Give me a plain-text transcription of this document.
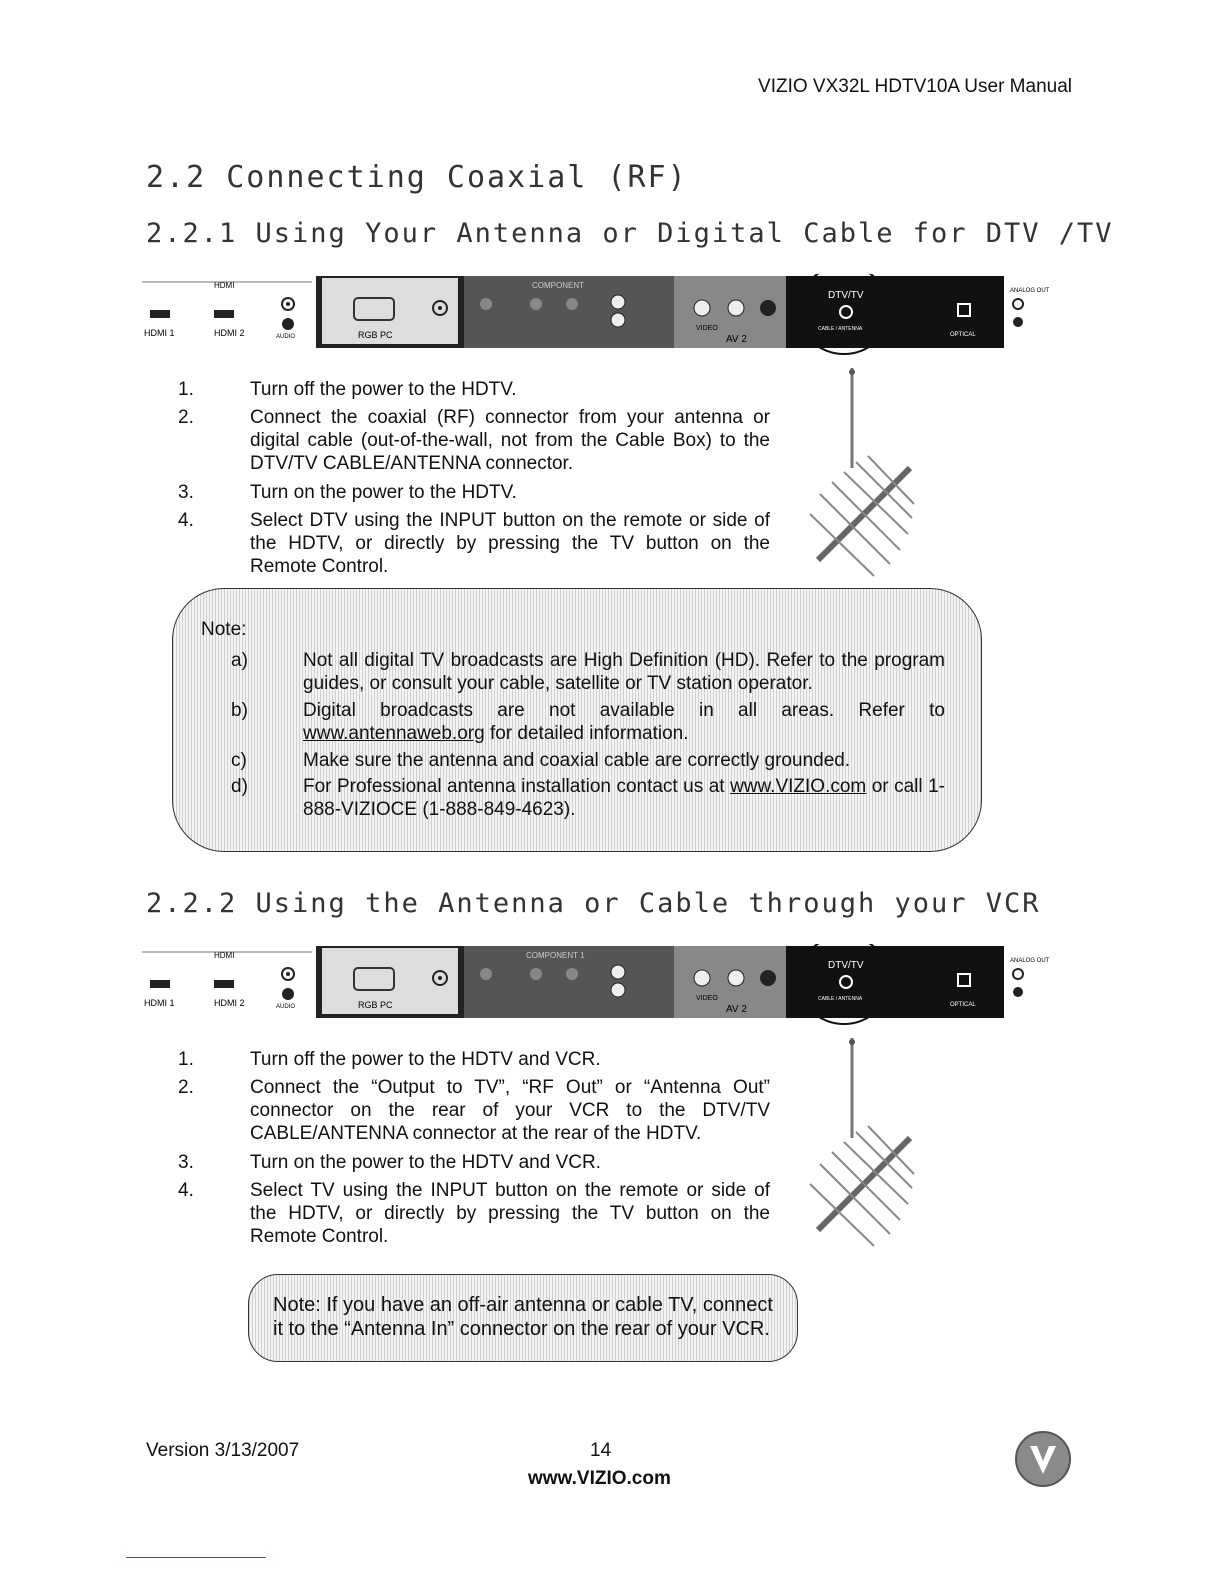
VIZIO VX32L HDTV10A User Manual
2.2 Connecting Coaxial (RF)
2.2.1 Using Your Antenna or Digital Cable for DTV /TV
HDMI
HDMI 1	HDMI 2	AUDIO	RGB PC
COMPONENT
VIDEO
AV 2
DTV/TV
CABLE / ANTENNA
OPTICAL
ANALOG OUT
1.	Turn off the power to the HDTV.
2.	Connect the coaxial (RF) connector from your antenna or digital cable (out-of-the-wall, not from the Cable Box) to the DTV/TV CABLE/ANTENNA connector.
3.	Turn on the power to the HDTV.
4.	Select DTV using the INPUT button on the remote or side of the HDTV, or directly by pressing the TV button on the Remote Control.
Note:
a)	Not all digital TV broadcasts are High Definition (HD). Refer to the program guides, or consult your cable, satellite or TV station operator.
b)	Digital broadcasts are not available in all areas. Refer to www.antennaweb.org for detailed information.
c)	Make sure the antenna and coaxial cable are correctly grounded.
d)	For Professional antenna installation contact us at www.VIZIO.com or call 1-888-VIZIOCE (1-888-849-4623).
2.2.2 Using the Antenna or Cable through your VCR
HDMI
HDMI 1	HDMI 2	AUDIO	RGB PC
COMPONENT 1
VIDEO
AV 2
DTV/TV
CABLE / ANTENNA
OPTICAL
ANALOG OUT
1.	Turn off the power to the HDTV and VCR.
2.	Connect the “Output to TV”, “RF Out” or “Antenna Out” connector on the rear of your VCR to the DTV/TV CABLE/ANTENNA connector at the rear of the HDTV.
3.	Turn on the power to the HDTV and VCR.
4.	Select TV using the INPUT button on the remote or side of the HDTV, or directly by pressing the TV button on the Remote Control.
Note: If you have an off-air antenna or cable TV, connect it to the “Antenna In” connector on the rear of your VCR.
Version 3/13/2007	14
www.VIZIO.com
